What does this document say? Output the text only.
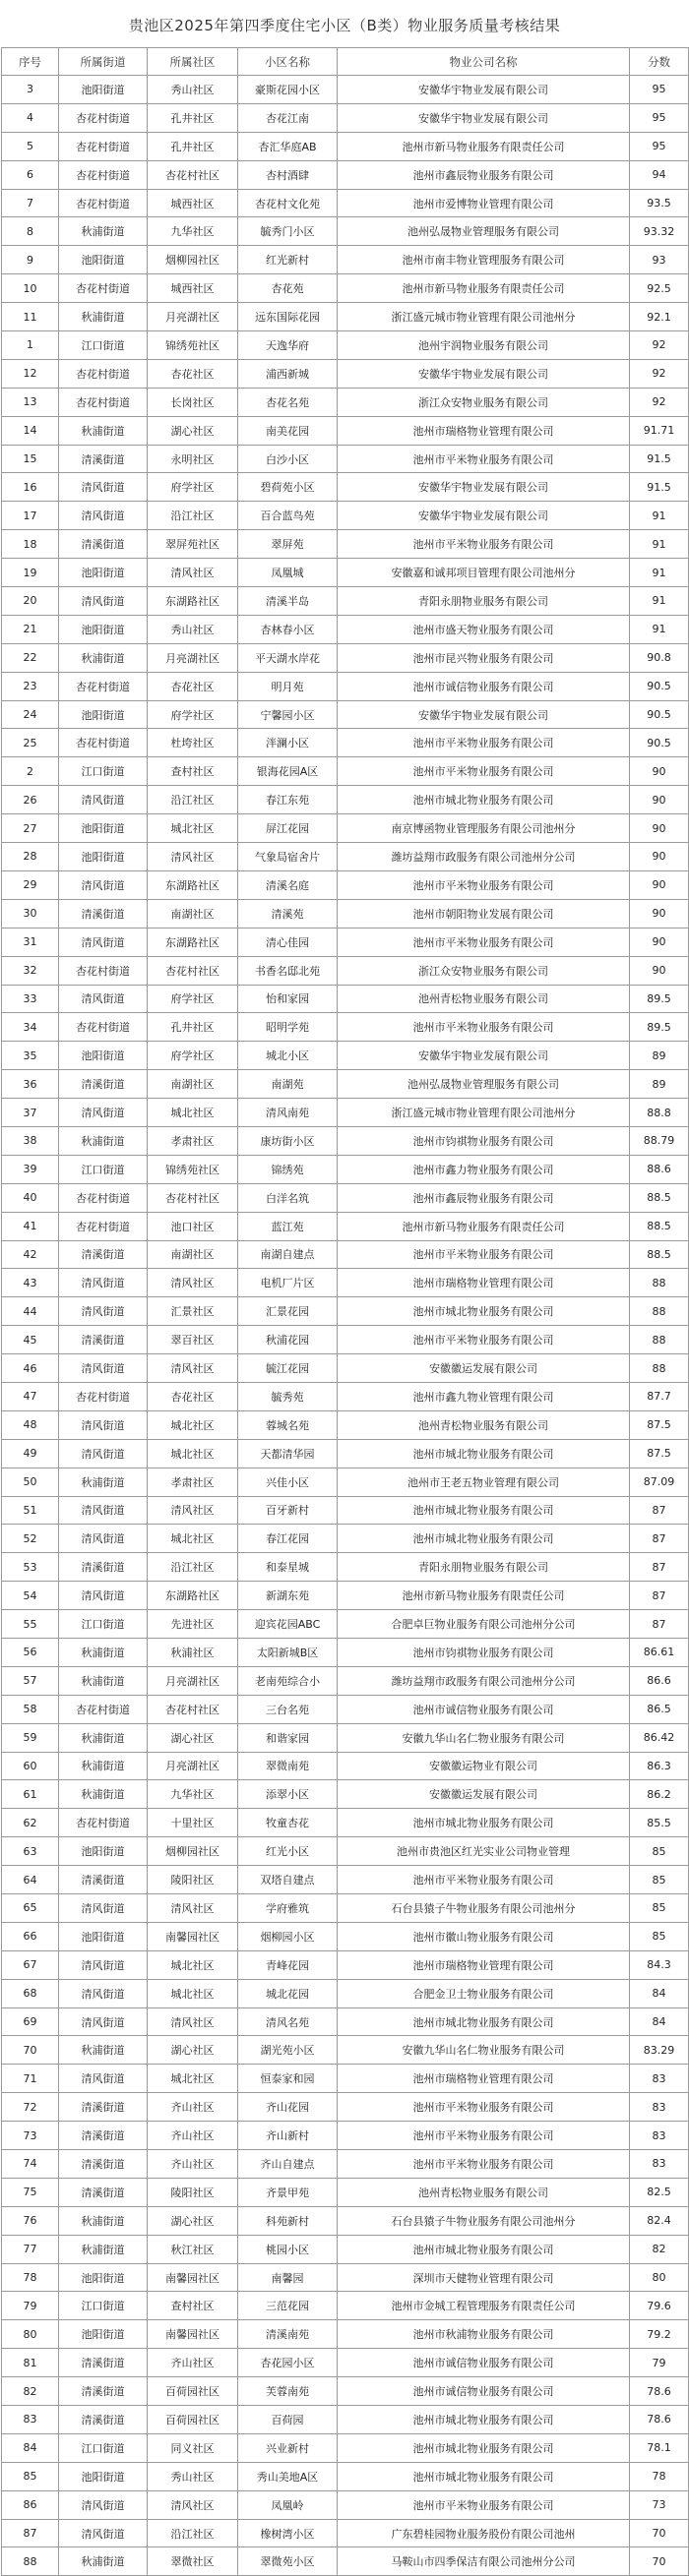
贵池区2025年第四季度住宅小区（B类）物业服务质量考核结果
序号	所属街道	所属社区	小区名称	物业公司名称	分数
3	池阳街道	秀山社区	豪斯花园小区	安徽华宇物业发展有限公司	95
4	杏花村街道	孔井社区	杏花江南	安徽华宇物业发展有限公司	95
5	杏花村街道	孔井社区	杏汇华庭AB	池州市新马物业服务有限责任公司	95
6	杏花村街道	杏花村社区	杏村酒肆	池州市鑫辰物业服务有限公司	94
7	杏花村街道	城西社区	杏花村文化苑	池州市爱博物业管理有限公司	93.5
8	秋浦街道	九华社区	毓秀门小区	池州弘晟物业管理服务有限公司	93.32
9	池阳街道	烟柳园社区	红光新村	池州市南丰物业管理服务有限公司	93
10	杏花村街道	城西社区	杏花苑	池州市新马物业服务有限责任公司	92.5
11	秋浦街道	月亮湖社区	远东国际花园	浙江盛元城市物业管理有限公司池州分	92.1
1	江口街道	锦绣苑社区	天逸华府	池州宇润物业服务有限公司	92
12	杏花村街道	杏花社区	浦西新城	安徽华宇物业发展有限公司	92
13	杏花村街道	长岗社区	杏花名苑	浙江众安物业服务有限公司	92
14	秋浦街道	湖心社区	南美花园	池州市瑞格物业管理有限公司	91.71
15	清溪街道	永明社区	白沙小区	池州市平米物业服务有限公司	91.5
16	清风街道	府学社区	碧荷苑小区	安徽华宇物业发展有限公司	91.5
17	清风街道	沿江社区	百合蓝鸟苑	安徽华宇物业发展有限公司	91
18	清溪街道	翠屏苑社区	翠屏苑	池州市平米物业服务有限公司	91
19	池阳街道	清风社区	凤凰城	安徽嘉和诚邦项目管理有限公司池州分	91
20	清风街道	东湖路社区	清溪半岛	青阳永朋物业服务有限公司	91
21	池阳街道	秀山社区	杏林春小区	池州市盛天物业服务有限公司	91
22	秋浦街道	月亮湖社区	平天湖水岸花	池州市昆兴物业服务有限公司	90.8
23	杏花村街道	杏花社区	明月苑	池州市诚信物业服务有限公司	90.5
24	池阳街道	府学社区	宁馨园小区	安徽华宇物业发展有限公司	90.5
25	杏花村街道	杜垮社区	泮澜小区	池州市平米物业服务有限公司	90.5
2	江口街道	查村社区	银海花园A区	池州市平米物业服务有限公司	90
26	清风街道	沿江社区	春江东苑	池州市城北物业服务有限公司	90
27	池阳街道	城北社区	屏江花园	南京博函物业管理服务有限公司池州分	90
28	池阳街道	清风社区	气象局宿舍片	潍坊益翔市政服务有限公司池州分公司	90
29	清风街道	东湖路社区	清溪名庭	池州市平米物业服务有限公司	90
30	清溪街道	南湖社区	清溪苑	池州市朝阳物业发展有限公司	90
31	清风街道	东湖路社区	清心佳园	池州市平米物业服务有限公司	90
32	杏花村街道	杏花村社区	书香名邸北苑	浙江众安物业服务有限公司	90
33	清风街道	府学社区	怡和家园	池州青松物业服务有限公司	89.5
34	杏花村街道	孔井社区	昭明学苑	池州市平米物业服务有限公司	89.5
35	池阳街道	府学社区	城北小区	安徽华宇物业发展有限公司	89
36	清溪街道	南湖社区	南湖苑	池州弘晟物业管理服务有限公司	89
37	清风街道	城北社区	清风南苑	浙江盛元城市物业管理有限公司池州分	88.8
38	秋浦街道	孝肃社区	康坊街小区	池州市钧祺物业服务有限公司	88.79
39	江口街道	锦绣苑社区	锦绣苑	池州市鑫力物业服务有限公司	88.6
40	杏花村街道	杏花村社区	白洋名筑	池州市鑫辰物业服务有限公司	88.5
41	杏花村街道	池口社区	蓝江苑	池州市新马物业服务有限责任公司	88.5
42	清溪街道	南湖社区	南湖自建点	池州市平米物业服务有限公司	88.5
43	清风街道	清风社区	电机厂片区	池州市瑞格物业管理有限公司	88
44	清风街道	汇景社区	汇景花园	池州市城北物业服务有限公司	88
45	清溪街道	翠百社区	秋浦花园	池州市平米物业服务有限公司	88
46	清风街道	清风社区	毓江花园	安徽徽运发展有限公司	88
47	杏花村街道	杏花社区	毓秀苑	池州市鑫九物业管理有限公司	87.7
48	清风街道	城北社区	蓉城名苑	池州青松物业服务有限公司	87.5
49	清风街道	城北社区	天都清华园	池州市城北物业服务有限公司	87.5
50	秋浦街道	孝肃社区	兴佳小区	池州市王老五物业管理有限公司	87.09
51	清风街道	清风社区	百牙新村	池州市城北物业服务有限公司	87
52	清风街道	城北社区	春江花园	池州市城北物业服务有限公司	87
53	清溪街道	沿江社区	和泰星城	青阳永朋物业服务有限公司	87
54	清风街道	东湖路社区	新湖东苑	池州市新马物业服务有限责任公司	87
55	江口街道	先进社区	迎宾花园ABC	合肥卓巨物业服务有限公司池州分公司	87
56	秋浦街道	秋浦社区	太阳新城B区	池州市钧祺物业服务有限公司	86.61
57	秋浦街道	月亮湖社区	老南苑综合小	潍坊益翔市政服务有限公司池州分公司	86.6
58	杏花村街道	杏花村社区	三台名苑	池州市诚信物业服务有限公司	86.5
59	秋浦街道	湖心社区	和谐家园	安徽九华山名仁物业服务有限公司	86.42
60	秋浦街道	月亮湖社区	翠微南苑	安徽徽运物业有限公司	86.3
61	秋浦街道	九华社区	添翠小区	安徽徽运发展有限公司	86.2
62	杏花村街道	十里社区	牧童杏花	池州市城北物业服务有限公司	85.5
63	池阳街道	烟柳园社区	红光小区	池州市贵池区红光实业公司物业管理	85
64	清溪街道	陵阳社区	双塔自建点	池州市平米物业服务有限公司	85
65	清风街道	清风社区	学府雅筑	石台县猿子牛物业服务有限公司池州分	85
66	池阳街道	南馨园社区	烟柳园小区	池州市徽山物业服务有限公司	85
67	清风街道	城北社区	青峰花园	池州市瑞格物业管理有限公司	84.3
68	清风街道	城北社区	城北花园	合肥金卫士物业服务有限公司	84
69	清风街道	清风社区	清风名苑	池州市城北物业服务有限公司	84
70	秋浦街道	湖心社区	湖光苑小区	安徽九华山名仁物业服务有限公司	83.29
71	清风街道	城北社区	恒泰家和园	池州市瑞格物业管理有限公司	83
72	清溪街道	齐山社区	齐山花园	池州市平米物业服务有限公司	83
73	清溪街道	齐山社区	齐山新村	池州市平米物业服务有限公司	83
74	清溪街道	齐山社区	齐山自建点	池州市平米物业服务有限公司	83
75	清溪街道	陵阳社区	齐景甲苑	池州青松物业服务有限公司	82.5
76	秋浦街道	湖心社区	科苑新村	石台县猿子牛物业服务有限公司池州分	82.4
77	秋浦街道	秋江社区	桃园小区	池州市城北物业服务有限公司	82
78	池阳街道	南馨园社区	南馨园	深圳市天健物业管理有限公司	80
79	江口街道	查村社区	三范花园	池州市金城工程管理服务有限责任公司	79.6
80	池阳街道	南馨园社区	清溪南苑	池州市秋浦物业服务有限公司	79.2
81	清溪街道	齐山社区	杏花园小区	池州市诚信物业服务有限公司	79
82	清溪街道	百荷园社区	芙蓉南苑	池州市诚信物业服务有限公司	78.6
83	清溪街道	百荷园社区	百荷园	池州市城北物业服务有限公司	78.6
84	江口街道	同义社区	兴业新村	池州市城北物业服务有限公司	78.1
85	池阳街道	秀山社区	秀山美地A区	池州市城北物业服务有限公司	78
86	清风街道	清风社区	凤凰岭	池州市平米物业服务有限公司	73
87	清风街道	沿江社区	橡树湾小区	广东碧桂园物业服务股份有限公司池州	70
88	秋浦街道	翠微社区	翠微苑小区	马鞍山市四季保洁有限公司池州分公司	70
